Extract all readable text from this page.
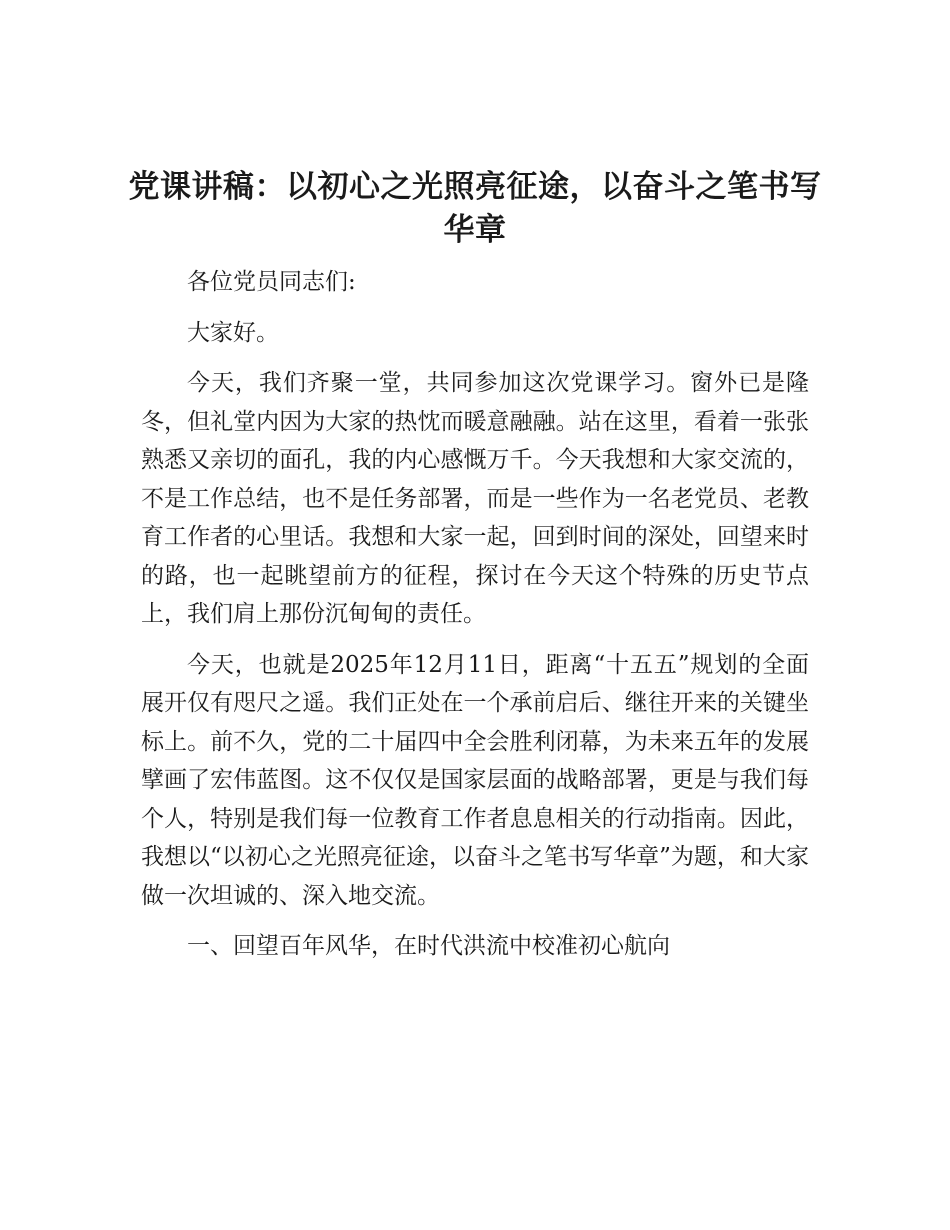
党课讲稿：以初心之光照亮征途，以奋斗之笔书写华章

各位党员同志们:

大家好。

今天，我们齐聚一堂，共同参加这次党课学习。窗外已是隆冬，但礼堂内因为大家的热忱而暖意融融。站在这里，看着一张张熟悉又亲切的面孔，我的内心感慨万千。今天我想和大家交流的，不是工作总结，也不是任务部署，而是一些作为一名老党员、老教育工作者的心里话。我想和大家一起，回到时间的深处，回望来时的路，也一起眺望前方的征程，探讨在今天这个特殊的历史节点上，我们肩上那份沉甸甸的责任。

今天，也就是2025年12月11日，距离“十五五”规划的全面展开仅有咫尺之遥。我们正处在一个承前启后、继往开来的关键坐标上。前不久，党的二十届四中全会胜利闭幕，为未来五年的发展擘画了宏伟蓝图。这不仅仅是国家层面的战略部署，更是与我们每个人，特别是我们每一位教育工作者息息相关的行动指南。因此，我想以“以初心之光照亮征途，以奋斗之笔书写华章”为题，和大家做一次坦诚的、深入地交流。

一、回望百年风华，在时代洪流中校准初心航向
